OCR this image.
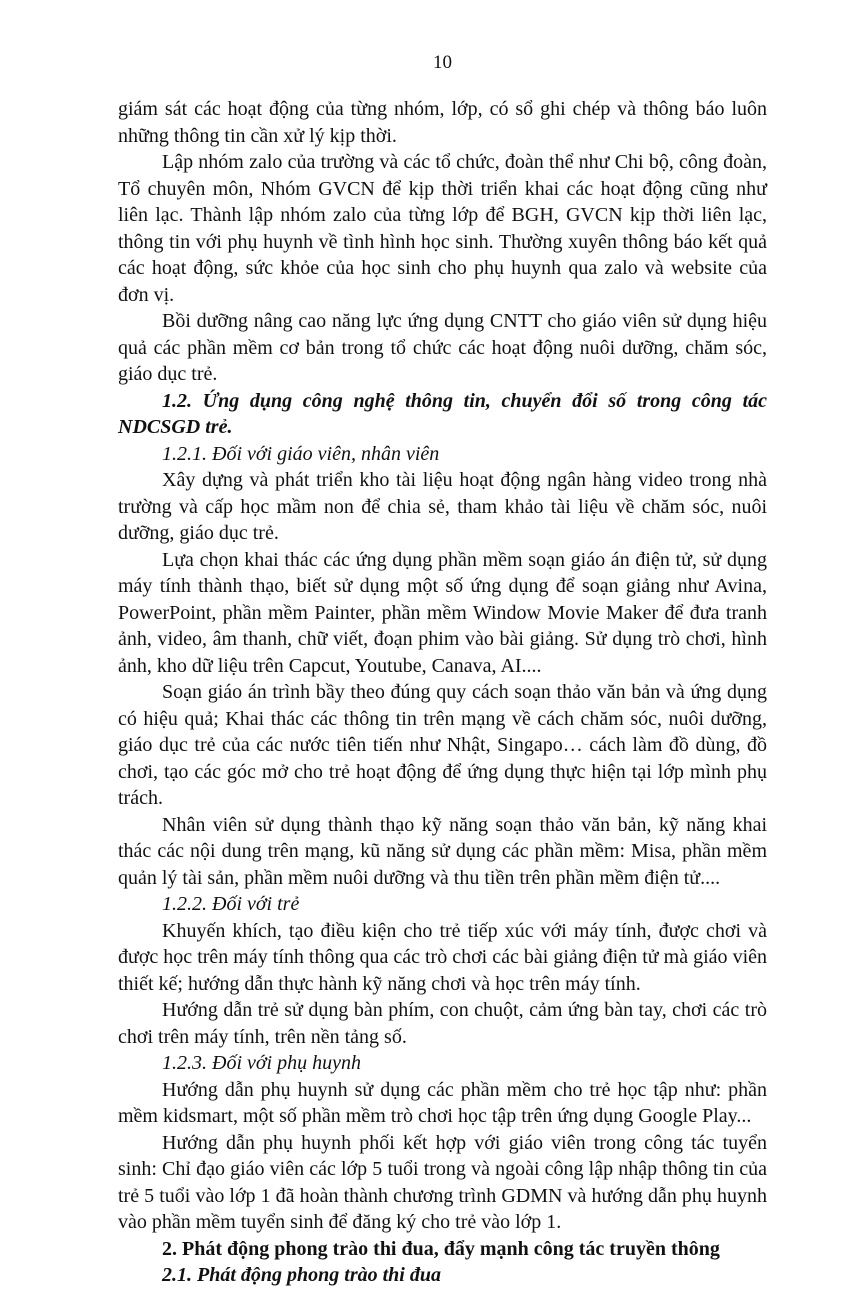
10

giám sát các hoạt động của từng nhóm, lớp, có sổ ghi chép và thông báo luôn những thông tin cần xử lý kịp thời.

Lập nhóm zalo của trường và các tổ chức, đoàn thể như Chi bộ, công đoàn, Tổ chuyên môn, Nhóm GVCN để kịp thời triển khai các hoạt động cũng như liên lạc. Thành lập nhóm zalo của từng lớp để BGH, GVCN kịp thời liên lạc, thông tin với phụ huynh về tình hình học sinh. Thường xuyên thông báo kết quả các hoạt động, sức khỏe của học sinh cho phụ huynh qua zalo và website của đơn vị.

Bồi dưỡng nâng cao năng lực ứng dụng CNTT cho giáo viên sử dụng hiệu quả các phần mềm cơ bản trong tổ chức các hoạt động nuôi dưỡng, chăm sóc, giáo dục trẻ.

1.2. Ứng dụng công nghệ thông tin, chuyển đổi số trong công tác NDCSGD trẻ.

1.2.1. Đối với giáo viên, nhân viên

Xây dựng và phát triển kho tài liệu hoạt động ngân hàng video trong nhà trường và cấp học mầm non để chia sẻ, tham khảo tài liệu về chăm sóc, nuôi dưỡng, giáo dục trẻ.

Lựa chọn khai thác các ứng dụng phần mềm soạn giáo án điện tử, sử dụng máy tính thành thạo, biết sử dụng một số ứng dụng để soạn giảng như Avina, PowerPoint, phần mềm Painter, phần mềm Window Movie Maker để đưa tranh ảnh, video, âm thanh, chữ viết, đoạn phim vào bài giảng. Sử dụng trò chơi, hình ảnh, kho dữ liệu trên Capcut, Youtube, Canava, AI....

Soạn giáo án trình bầy theo đúng quy cách soạn thảo văn bản và ứng dụng có hiệu quả; Khai thác các thông tin trên mạng về cách chăm sóc, nuôi dưỡng, giáo dục trẻ của các nước tiên tiến như Nhật, Singapo… cách làm đồ dùng, đồ chơi, tạo các góc mở cho trẻ hoạt động để ứng dụng thực hiện tại lớp mình phụ trách.

Nhân viên sử dụng thành thạo kỹ năng soạn thảo văn bản, kỹ năng khai thác các nội dung trên mạng, kũ năng sử dụng các phần mềm: Misa, phần mềm quản lý tài sản, phần mềm nuôi dưỡng và thu tiền trên phần mềm điện tử....

1.2.2. Đối với trẻ

Khuyến khích, tạo điều kiện cho trẻ tiếp xúc với máy tính, được chơi và được học trên máy tính thông qua các trò chơi các bài giảng điện tử mà giáo viên thiết kế; hướng dẫn thực hành kỹ năng chơi và học trên máy tính.

Hướng dẫn trẻ sử dụng bàn phím, con chuột, cảm ứng bàn tay, chơi các trò chơi trên máy tính, trên nền tảng số.

1.2.3. Đối với phụ huynh

Hướng dẫn phụ huynh sử dụng các phần mềm cho trẻ học tập như: phần mềm kidsmart, một số phần mềm trò chơi học tập trên ứng dụng Google Play...

Hướng dẫn phụ huynh phối kết hợp với giáo viên trong công tác tuyển sinh: Chỉ đạo giáo viên các lớp 5 tuổi trong và ngoài công lập nhập thông tin của trẻ 5 tuổi vào lớp 1 đã hoàn thành chương trình GDMN và hướng dẫn phụ huynh vào phần mềm tuyển sinh để đăng ký cho trẻ vào lớp 1.

2. Phát động phong trào thi đua, đẩy mạnh công tác truyền thông

2.1. Phát động phong trào thi đua
